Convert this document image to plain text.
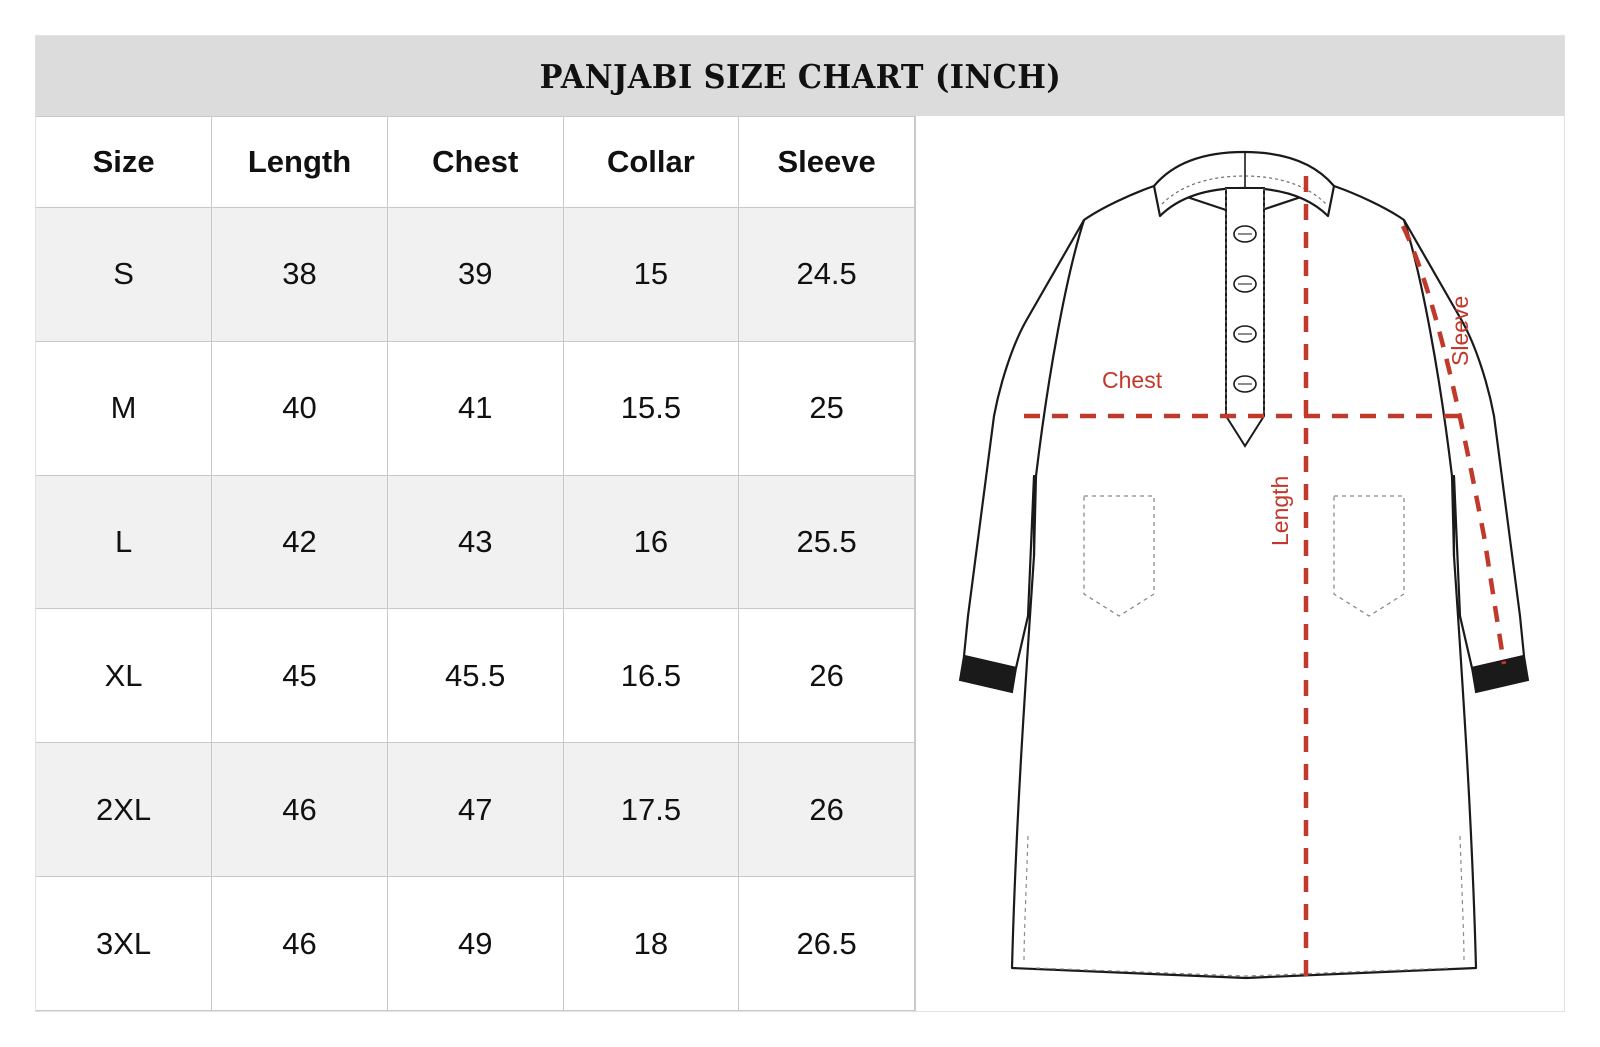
PANJABI SIZE CHART (INCH)
Size	Length	Chest	Collar	Sleeve
S	38	39	15	24.5
M	40	41	15.5	25
L	42	43	16	25.5
XL	45	45.5	16.5	26
2XL	46	47	17.5	26
3XL	46	49	18	26.5
Chest
Length
Sleeve
